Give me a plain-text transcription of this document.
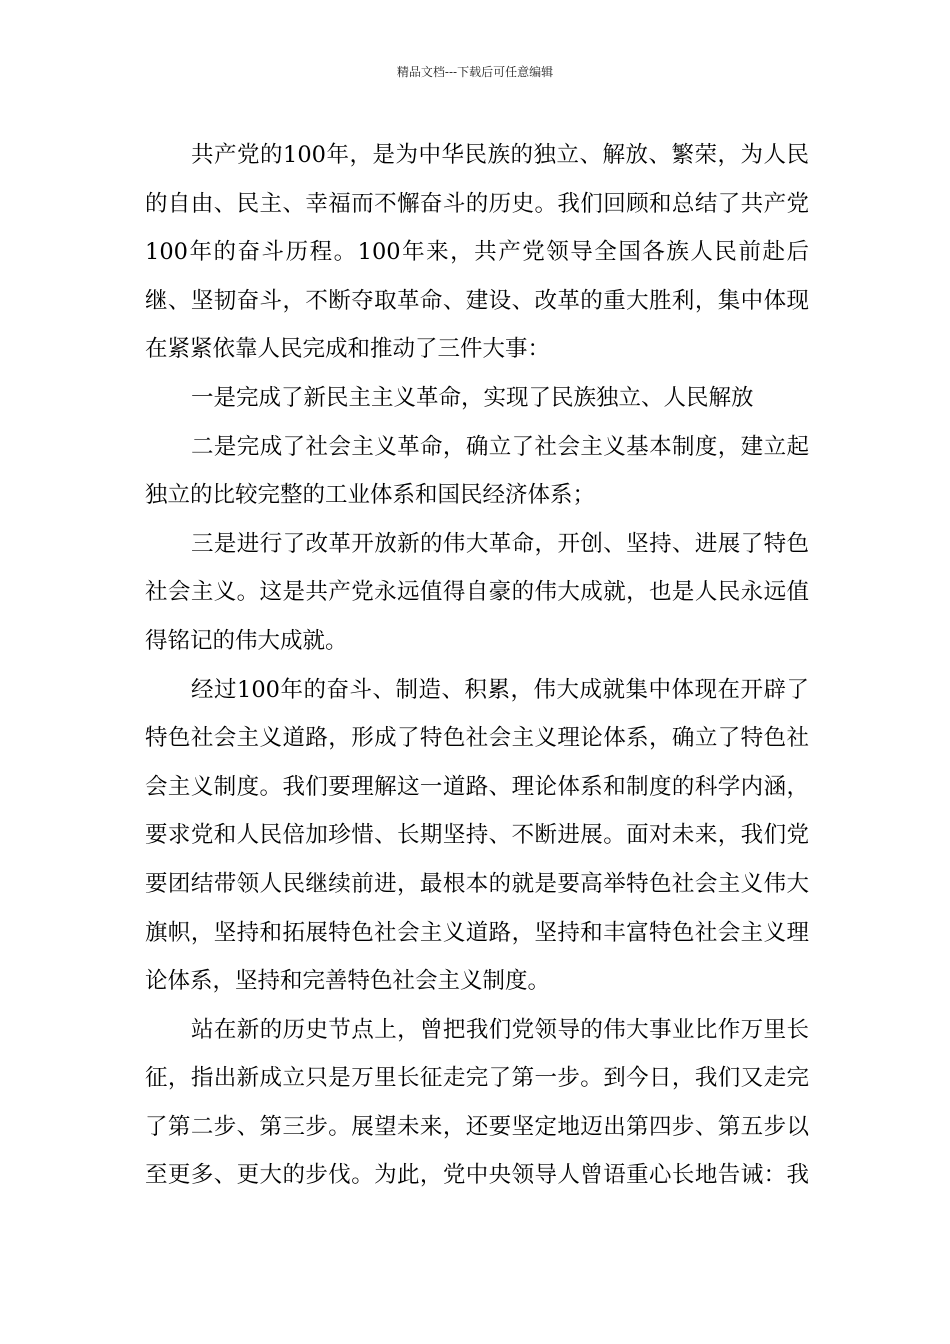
精品文档---下载后可任意编辑

共产党的100年，是为中华民族的独立、解放、繁荣，为人民的自由、民主、幸福而不懈奋斗的历史。我们回顾和总结了共产党100年的奋斗历程。100年来，共产党领导全国各族人民前赴后继、坚韧奋斗，不断夺取革命、建设、改革的重大胜利，集中体现在紧紧依靠人民完成和推动了三件大事：

一是完成了新民主主义革命，实现了民族独立、人民解放

二是完成了社会主义革命，确立了社会主义基本制度，建立起独立的比较完整的工业体系和国民经济体系；

三是进行了改革开放新的伟大革命，开创、坚持、进展了特色社会主义。这是共产党永远值得自豪的伟大成就，也是人民永远值得铭记的伟大成就。

经过100年的奋斗、制造、积累，伟大成就集中体现在开辟了特色社会主义道路，形成了特色社会主义理论体系，确立了特色社会主义制度。我们要理解这一道路、理论体系和制度的科学内涵，要求党和人民倍加珍惜、长期坚持、不断进展。面对未来，我们党要团结带领人民继续前进，最根本的就是要高举特色社会主义伟大旗帜，坚持和拓展特色社会主义道路，坚持和丰富特色社会主义理论体系，坚持和完善特色社会主义制度。

站在新的历史节点上，曾把我们党领导的伟大事业比作万里长征，指出新成立只是万里长征走完了第一步。到今日，我们又走完了第二步、第三步。展望未来，还要坚定地迈出第四步、第五步以至更多、更大的步伐。为此，党中央领导人曾语重心长地告诫：我
